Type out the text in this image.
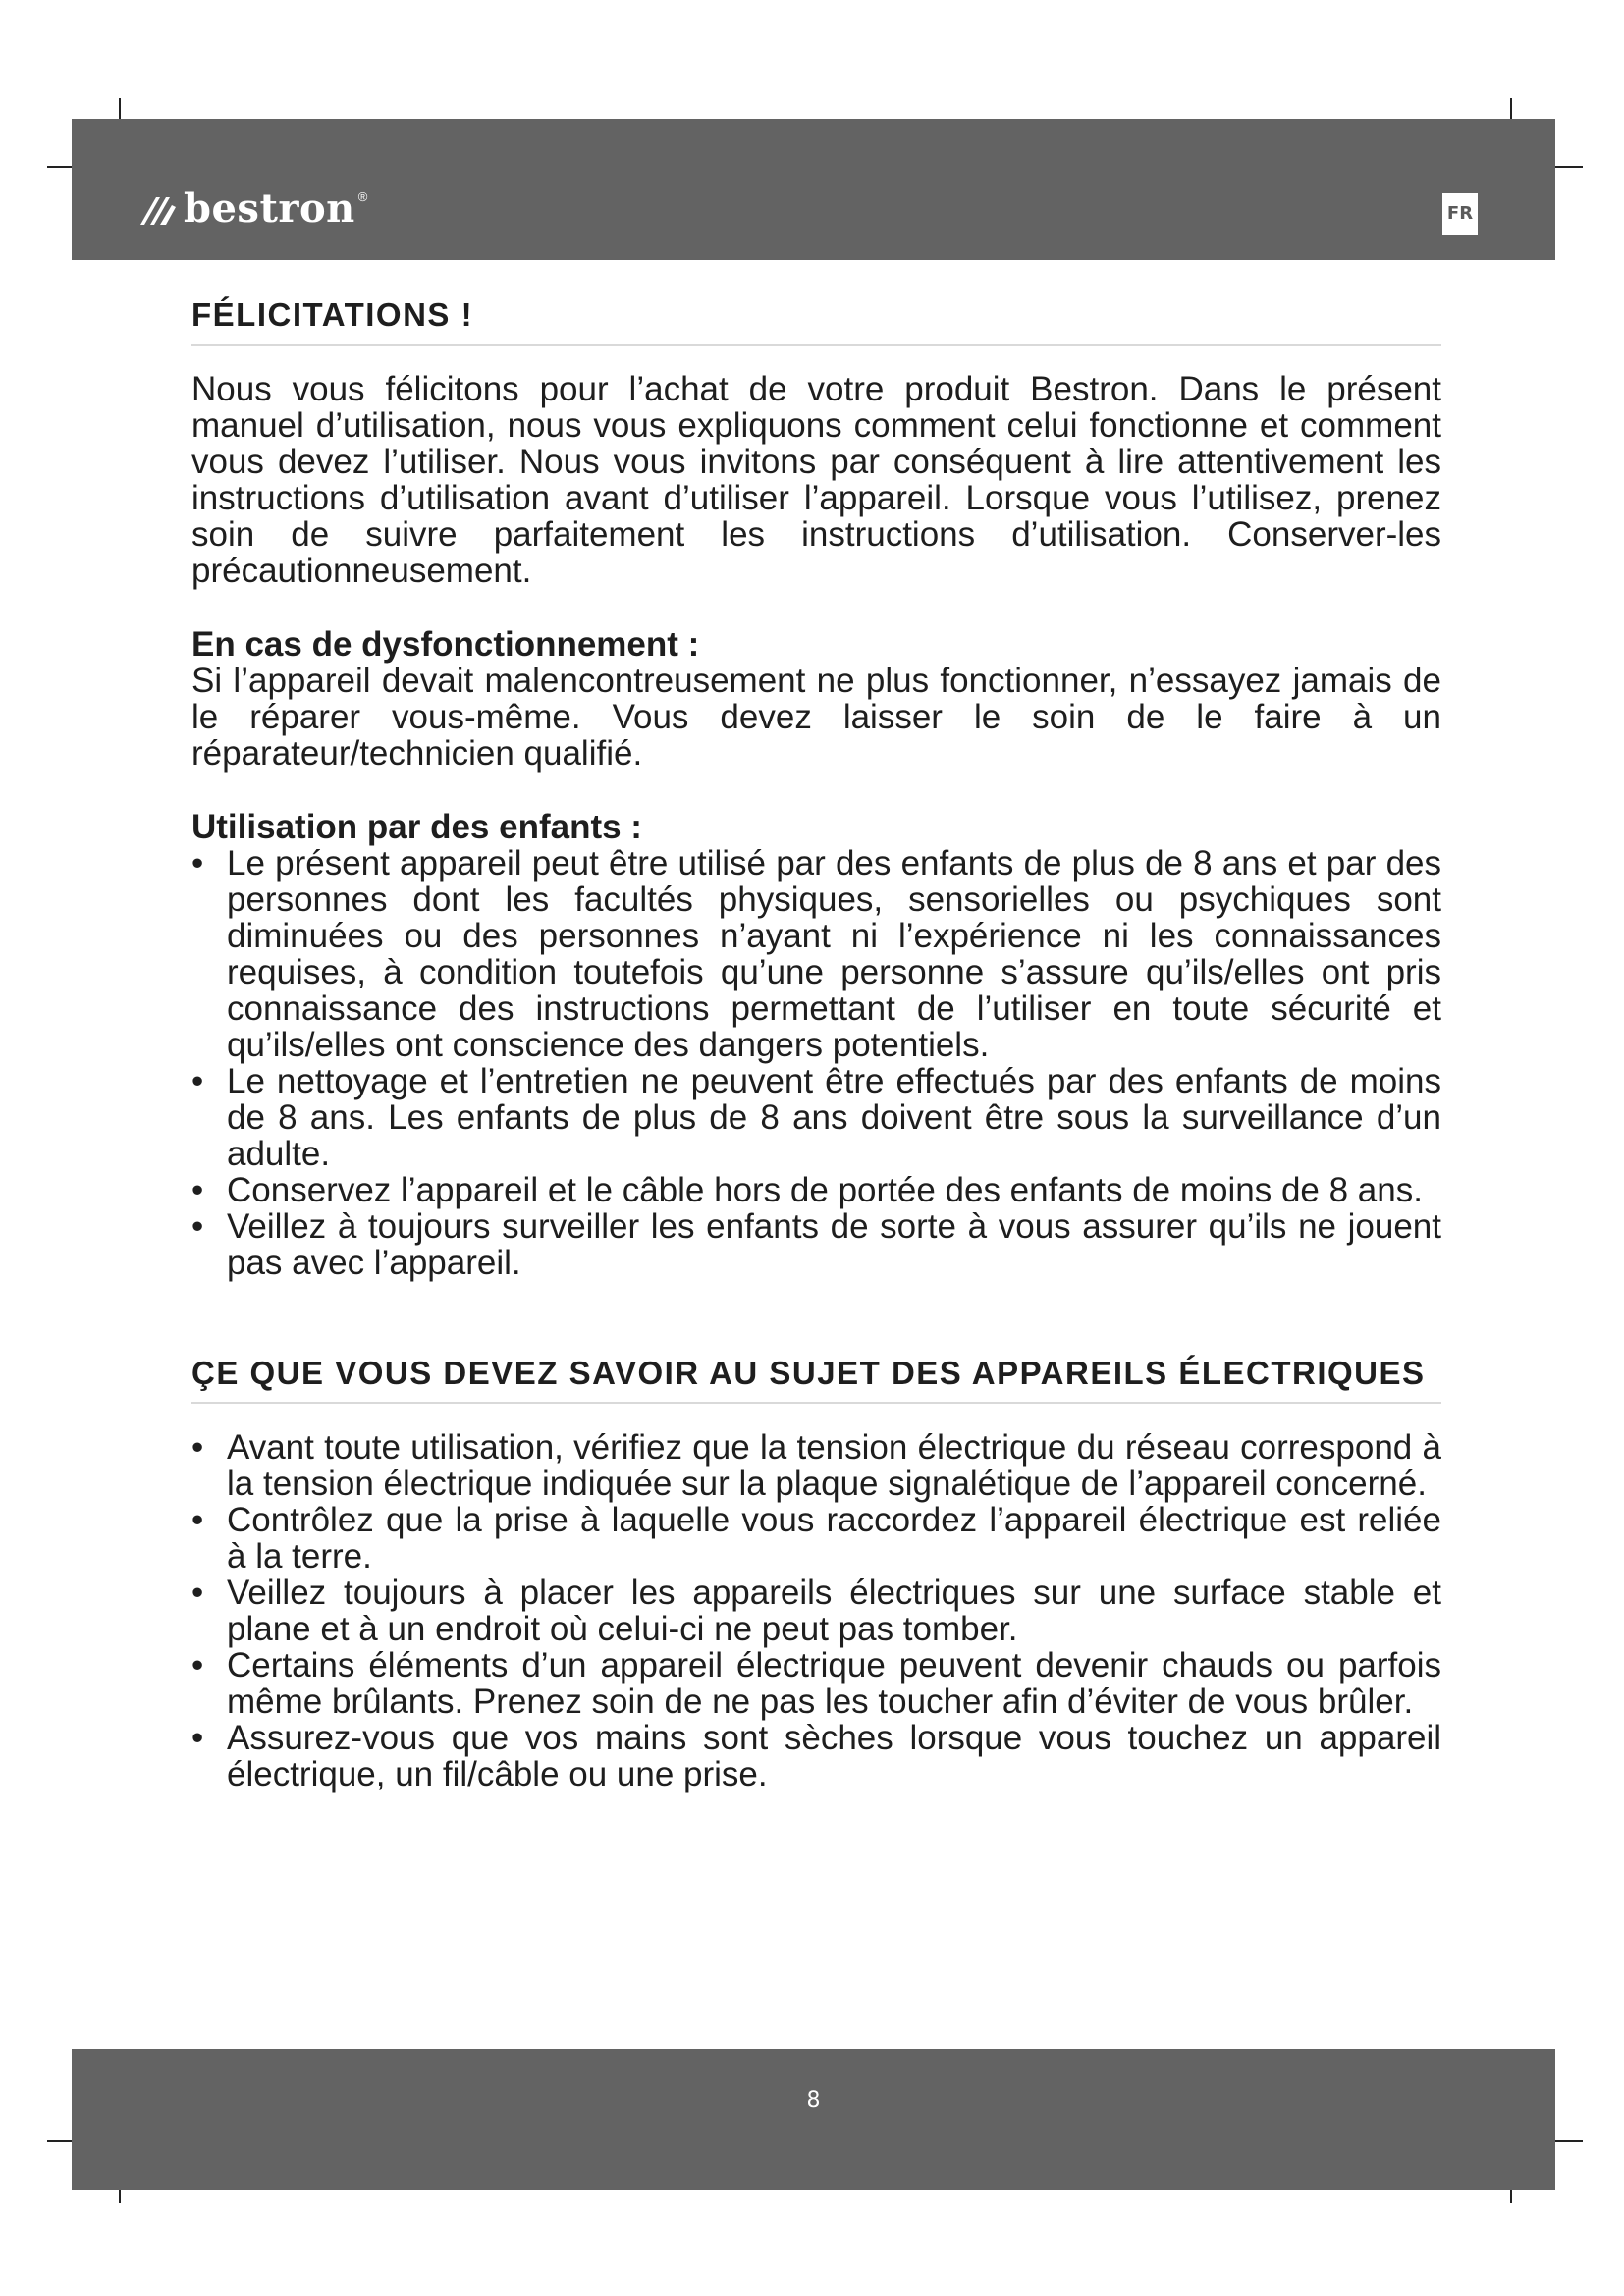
bestron ®
FR
FÉLICITATIONS !

Nous vous félicitons pour l’achat de votre produit Bestron. Dans le présent manuel d’utilisation, nous vous expliquons comment celui fonctionne et comment vous devez l’utiliser. Nous vous invitons par conséquent à lire attentivement les instructions d’utilisation avant d’utiliser l’appareil. Lorsque vous l’utilisez, prenez soin de suivre parfaitement les instructions d’utilisation. Conserver-les précautionneusement.

En cas de dysfonctionnement :

Si l’appareil devait malencontreusement ne plus fonctionner, n’essayez jamais de le réparer vous-même. Vous devez laisser le soin de le faire à un réparateur/technicien qualifié.

Utilisation par des enfants :
• Le présent appareil peut être utilisé par des enfants de plus de 8 ans et par des personnes dont les facultés physiques, sensorielles ou psychiques sont diminuées ou des personnes n’ayant ni l’expérience ni les connaissances requises, à condition toutefois qu’une personne s’assure qu’ils/elles ont pris connaissance des instructions permettant de l’utiliser en toute sécurité et qu’ils/elles ont conscience des dangers potentiels.
• Le nettoyage et l’entretien ne peuvent être effectués par des enfants de moins de 8 ans. Les enfants de plus de 8 ans doivent être sous la surveillance d’un adulte.
• Conservez l’appareil et le câble hors de portée des enfants de moins de 8 ans.
• Veillez à toujours surveiller les enfants de sorte à vous assurer qu’ils ne jouent pas avec l’appareil.
ÇE QUE VOUS DEVEZ SAVOIR AU SUJET DES APPAREILS ÉLECTRIQUES
• Avant toute utilisation, vérifiez que la tension électrique du réseau correspond à la tension électrique indiquée sur la plaque signalétique de l’appareil concerné.
• Contrôlez que la prise à laquelle vous raccordez l’appareil électrique est reliée à la terre.
• Veillez toujours à placer les appareils électriques sur une surface stable et plane et à un endroit où celui-ci ne peut pas tomber.
• Certains éléments d’un appareil électrique peuvent devenir chauds ou parfois même brûlants. Prenez soin de ne pas les toucher afin d’éviter de vous brûler.
• Assurez-vous que vos mains sont sèches lorsque vous touchez un appareil électrique, un fil/câble ou une prise.
8
